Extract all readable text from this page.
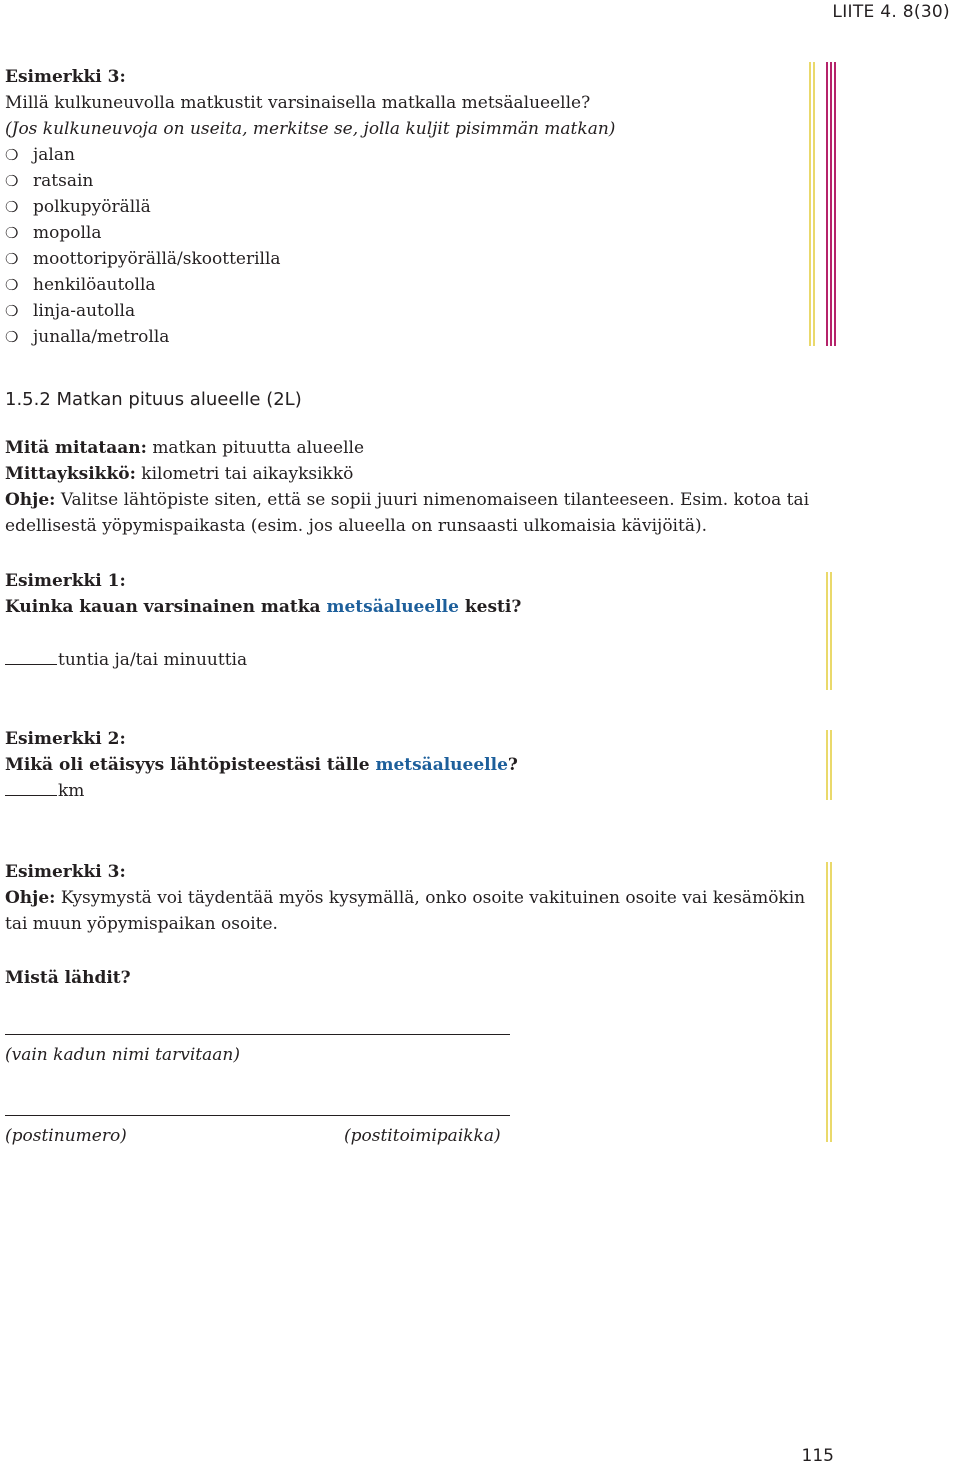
LIITE 4. 8(30)
Esimerkki 3:
Millä kulkuneuvolla matkustit varsinaisella matkalla metsäalueelle?
(Jos kulkuneuvoja on useita, merkitse se, jolla kuljit pisimmän matkan)
❍ jalan
❍ ratsain
❍ polkupyörällä
❍ mopolla
❍ moottoripyörällä/skootterilla
❍ henkilöautolla
❍ linja-autolla
❍ junalla/metrolla
1.5.2 Matkan pituus alueelle (2L)
Mitä mitataan: matkan pituutta alueelle
Mittayksikkö: kilometri tai aikayksikkö
Ohje: Valitse lähtöpiste siten, että se sopii juuri nimenomaiseen tilanteeseen. Esim. kotoa tai
edellisestä yöpymispaikasta (esim. jos alueella on runsaasti ulkomaisia kävijöitä).
Esimerkki 1:
Kuinka kauan varsinainen matka metsäalueelle kesti?
tuntia ja/tai minuuttia
Esimerkki 2:
Mikä oli etäisyys lähtöpisteestäsi tälle metsäalueelle?
km
Esimerkki 3:
Ohje: Kysymystä voi täydentää myös kysymällä, onko osoite vakituinen osoite vai kesämökin
tai muun yöpymispaikan osoite.
Mistä lähdit?
(vain kadun nimi tarvitaan)
(postinumero)	(postitoimipaikka)
115
